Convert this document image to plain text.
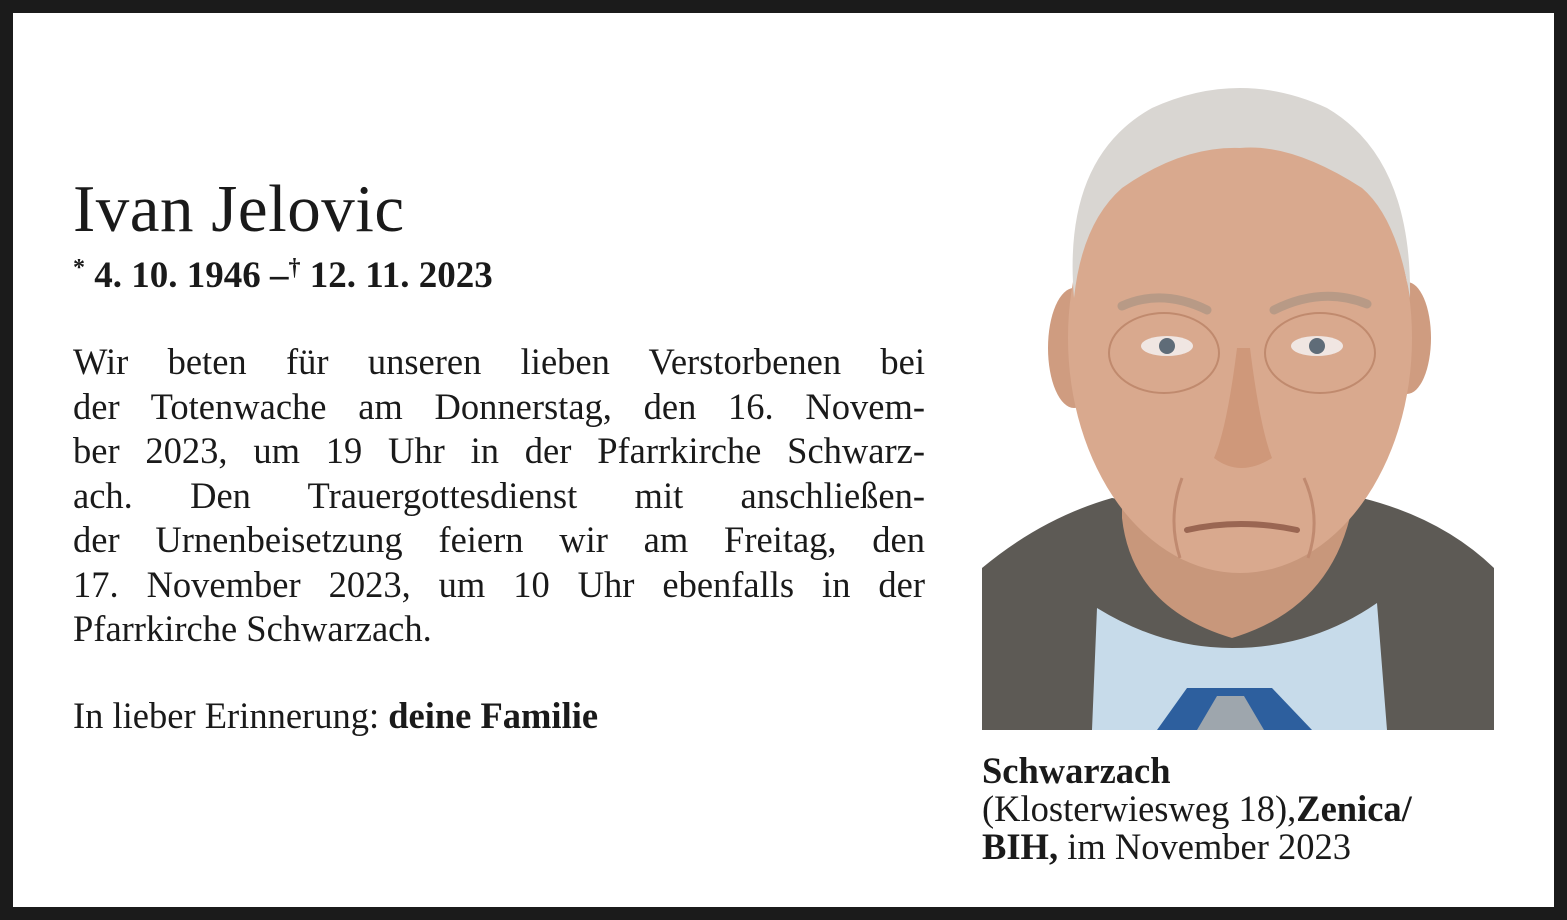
Ivan Jelovic
* 4. 10. 1946 –† 12. 11. 2023
Wir beten für unseren lieben Verstorbenen bei
der Totenwache am Donnerstag, den 16. Novem-
ber 2023, um 19 Uhr in der Pfarrkirche Schwarz-
ach. Den Trauergottesdienst mit anschließen-
der Urnenbeisetzung feiern wir am Freitag, den
17. November 2023, um 10 Uhr ebenfalls in der
Pfarrkirche Schwarzach.
In lieber Erinnerung: deine Familie
Schwarzach
(Klosterwiesweg 18),Zenica/
BIH, im November 2023
